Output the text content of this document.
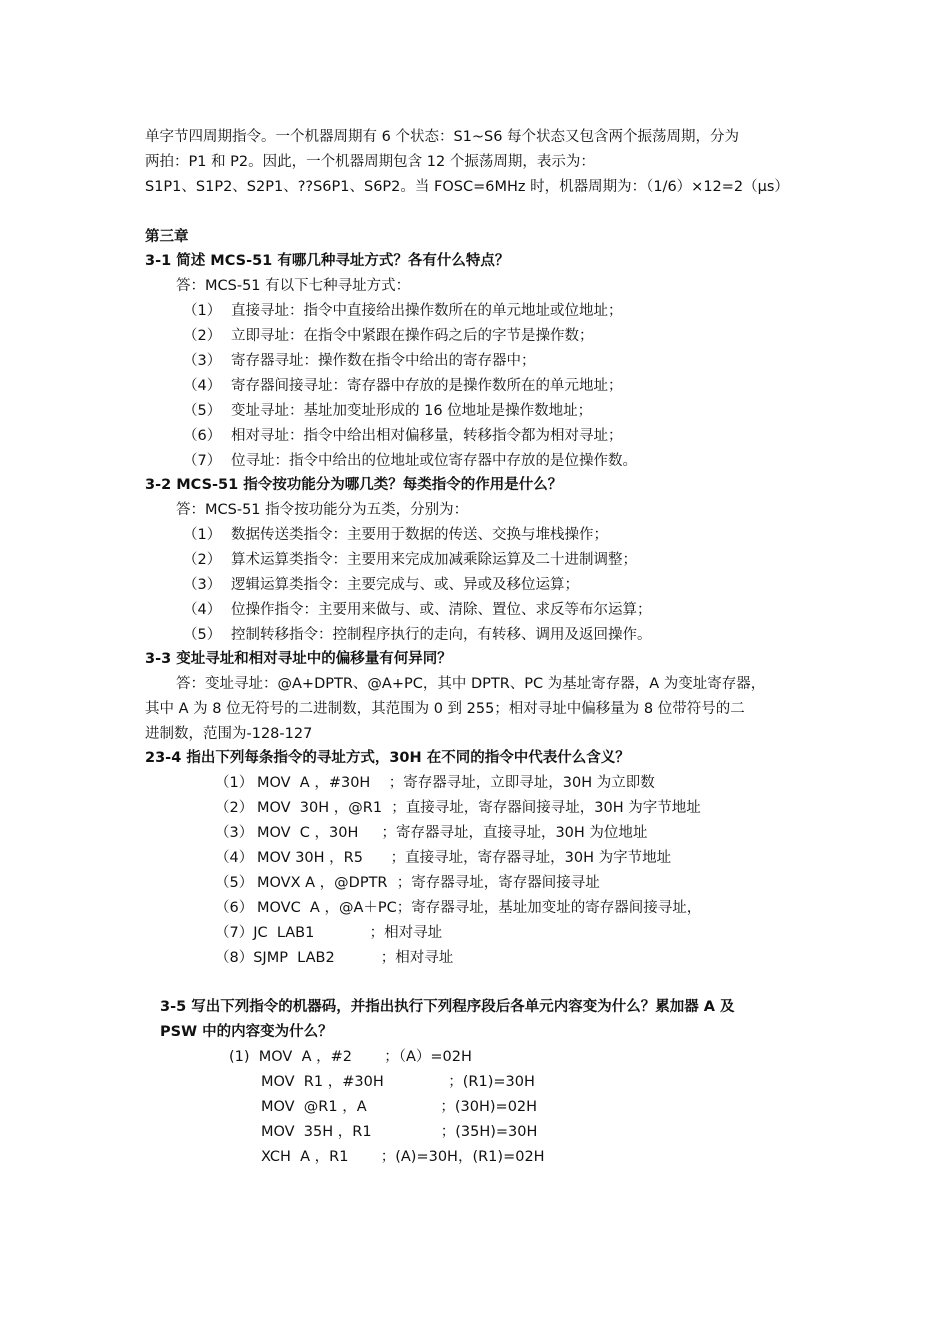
单字节四周期指令。一个机器周期有 6 个状态：S1~S6 每个状态又包含两个振荡周期，分为
两拍：P1 和 P2。因此，一个机器周期包含 12 个振荡周期，表示为：
S1P1、S1P2、S2P1、??S6P1、S6P2。当 FOSC=6MHz 时，机器周期为：（1/6）×12=2（μs）
第三章
3-1 简述 MCS-51 有哪几种寻址方式？各有什么特点？
答：MCS-51 有以下七种寻址方式：
（1） 直接寻址：指令中直接给出操作数所在的单元地址或位地址；
（2） 立即寻址：在指令中紧跟在操作码之后的字节是操作数；
（3） 寄存器寻址：操作数在指令中给出的寄存器中；
（4） 寄存器间接寻址：寄存器中存放的是操作数所在的单元地址；
（5） 变址寻址：基址加变址形成的 16 位地址是操作数地址；
（6） 相对寻址：指令中给出相对偏移量，转移指令都为相对寻址；
（7） 位寻址：指令中给出的位地址或位寄存器中存放的是位操作数。
3-2 MCS-51 指令按功能分为哪几类？每类指令的作用是什么？
答：MCS-51 指令按功能分为五类，分别为：
（1） 数据传送类指令：主要用于数据的传送、交换与堆栈操作；
（2） 算术运算类指令：主要用来完成加减乘除运算及二十进制调整；
（3） 逻辑运算类指令：主要完成与、或、异或及移位运算；
（4） 位操作指令：主要用来做与、或、清除、置位、求反等布尔运算；
（5） 控制转移指令：控制程序执行的走向，有转移、调用及返回操作。
3-3 变址寻址和相对寻址中的偏移量有何异同？
答：变址寻址：@A+DPTR、@A+PC，其中 DPTR、PC 为基址寄存器，A 为变址寄存器，
其中 A 为 8 位无符号的二进制数，其范围为 0 到 255；相对寻址中偏移量为 8 位带符号的二
进制数，范围为-128-127
23-4 指出下列每条指令的寻址方式，30H 在不同的指令中代表什么含义？
（1） MOV  A ，#30H    ；寄存器寻址，立即寻址，30H 为立即数
（2） MOV  30H ，@R1  ；直接寻址，寄存器间接寻址，30H 为字节地址
（3） MOV  C ，30H     ；寄存器寻址，直接寻址，30H 为位地址
（4） MOV 30H ，R5      ；直接寻址，寄存器寻址，30H 为字节地址
（5） MOVX A ，@DPTR  ；寄存器寻址，寄存器间接寻址
（6） MOVC  A ，@A＋PC；寄存器寻址，基址加变址的寄存器间接寻址，
（7）JC  LAB1            ；相对寻址
（8）SJMP  LAB2          ；相对寻址
3-5 写出下列指令的机器码，并指出执行下列程序段后各单元内容变为什么？累加器 A 及
PSW 中的内容变为什么？
(1)  MOV  A ，#2       ；（A）=02H
MOV  R1 ，#30H              ；(R1)=30H
MOV  @R1 ，A                ；(30H)=02H
MOV  35H ，R1               ；(35H)=30H
XCH  A ，R1       ；(A)=30H，(R1)=02H
